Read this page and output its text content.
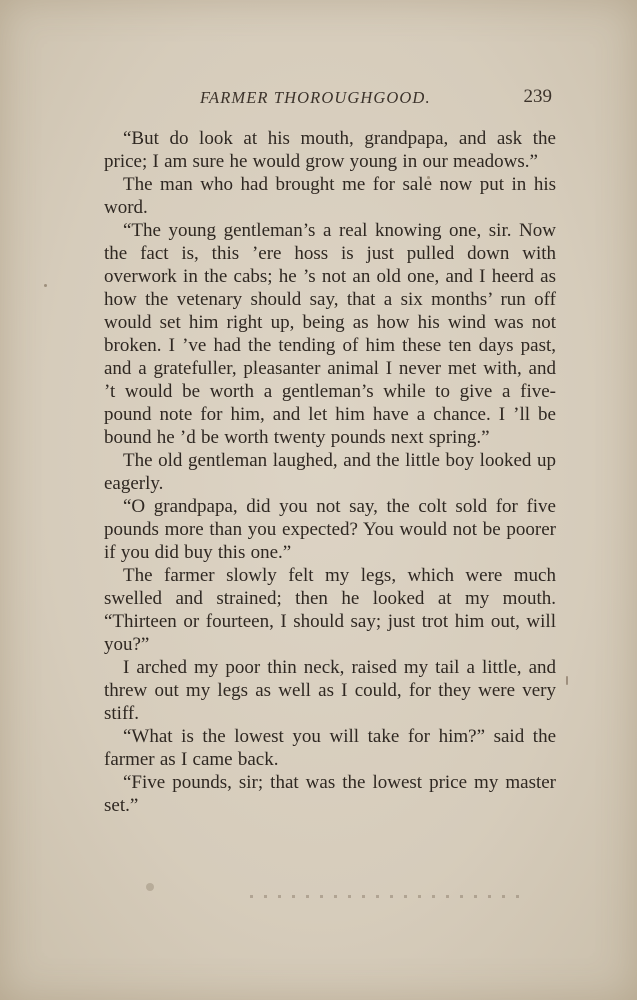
FARMER THOROUGHGOOD.	239

“But do look at his mouth, grandpapa, and ask the price; I am sure he would grow young in our meadows.”

The man who had brought me for sale now put in his word.

“The young gentleman’s a real knowing one, sir. Now the fact is, this ’ere hoss is just pulled down with overwork in the cabs; he ’s not an old one, and I heerd as how the vetenary should say, that a six months’ run off would set him right up, being as how his wind was not broken. I ’ve had the tending of him these ten days past, and a gratefuller, pleasanter animal I never met with, and ’t would be worth a gentleman’s while to give a five-pound note for him, and let him have a chance. I ’ll be bound he ’d be worth twenty pounds next spring.”

The old gentleman laughed, and the little boy looked up eagerly.

“O grandpapa, did you not say, the colt sold for five pounds more than you expected? You would not be poorer if you did buy this one.”

The farmer slowly felt my legs, which were much swelled and strained; then he looked at my mouth. “Thirteen or fourteen, I should say; just trot him out, will you?”

I arched my poor thin neck, raised my tail a little, and threw out my legs as well as I could, for they were very stiff.

“What is the lowest you will take for him?” said the farmer as I came back.

“Five pounds, sir; that was the lowest price my master set.”
